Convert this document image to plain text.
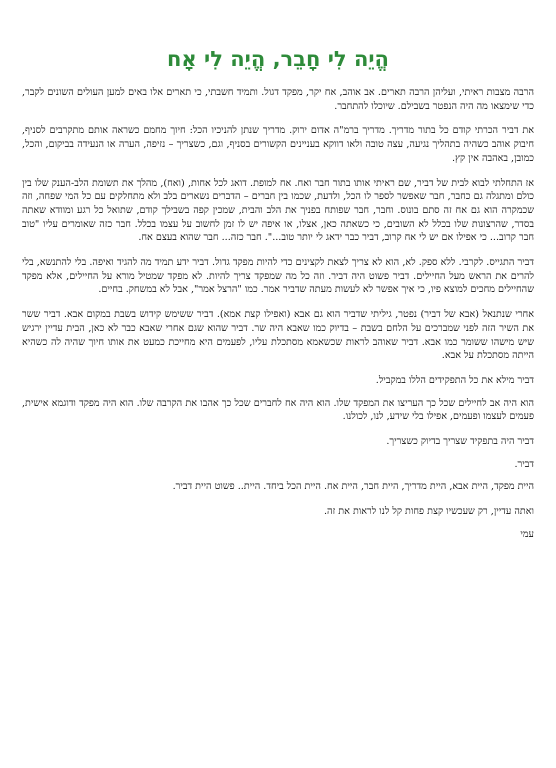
הֱיֵה לִי חָבֵר, הֱיֵה לִי אָח

הרבה מצבות ראיתי, ועליהן הרבה תארים. אב אוהב, אח יקר, מפקד דגול. ותמיד חשבתי, כי תארים אלו באים למען העולים השונים לקבר, כדי שימצאו מה היה הנפטר בשבילם. שיוכלו להתחבר.

את דביר הכרתי קודם כל בתור מדריך. מדריך ברמ"ה אדום ירוק. מדריך שנתן להניכיו הכל: חיוך מחמם כשראה אותם מתקרבים לסניף, חיבוק אוהב כשהיה בתהליך נגיעה, עצה טובה ולאו דווקא בעניינים הקשורים בסניף, וגם, כשצריך – נזיפה, הערה או הנעידה בביקום, והכל, כמובן, באהבה אין קץ.

אז התחלתי לבוא לבית של דביר, שם ראיתי אותו בתור חבר ואח. אח למופת. דואג לכל אחות, (ואח), מהלך את תשומת הלב-הענק שלו בין כולם ומתגלה גם כחבר, חבר שאפשר לספר לו הכל, ולדעת, שכמו בין חברים – הדברים נשארים בלב ולא מתחלקים עם כל המי שפחה, וזה שכמקרה הוא גם אח זה סתם בונוס. וחבר, חבר שפותח בפניך את הלב והבית, שמכין קפה בשבילך קודם, שתואל כל רגע ומוודא שאתה בסדר, שהרצונות שלו בכלל לא השובים, כי כשאתה כאן, אצלו, או איפה יש לו זמן לחשוב על עצמו בכלל. חבר כזה שאומרים עליו "טוב חבר קרוב... כי אפילו אם יש לי אח קרוב, דביר כבר ידאג לי יותר טוב...". חבר כזה... חבר שהוא בעצם אח.

דביר התגייס. לקרבי. ללא ספק. לא, הוא לא צריך לצאת לקצינים כדי להיות מפקד גדול. דביר ידע תמיד מה להגיד ואיפה. בלי להתנשא, בלי להרים את הראש מעל החיילים. דביר פשוט היה דביר. וזה כל מה שמפקד צריך להיות. לא מפקד שמטיל מורא על החיילים, אלא מפקד שהחיילים מחכים למוצא פיו, כי איך אפשר לא לעשות מעתה שדביר אמר. כמו "הרצל אמר", אבל לא במשחק. בחיים.

אחרי שנתנאל (אבא של דביר) נפטר, גיליתי שדביר הוא גם אבא (ואפילו קצת אמא). דביר ששימש קידוש בשבת במקום אבא. דביר ששר את השיר הזה לפני שמברכים על הלחם בשבת – בדיוק כמו שאבא היה שר. דביר שהוא שגם אחרי שאבא כבר לא כאן, הבית עדיין ירגיש שיש מישהו ששומר כמו אבא. דביר שאוהב לראות שכשאמא מסתכלת עליו, לפעמים היא מחייכת כמעט את אותו חיוך שהיה לה כשהיא הייתה מסתכלת על אבא.

דביר מילא את כל התפקידים הללו במקביל.

הוא היה אב לחיילים שכל כך העריצו את המפקד שלו. הוא היה אח לחברים שכל כך אהבו את הקרבה שלו. הוא היה מפקד ודוגמא אישית, פעמים לעצמו ופעמים, אפילו בלי שידע, לנו, לכולנו.

דביר היה בתפקיד שצריך בדיוק כשצריך.

דביר.

היית מפקד, היית אבא, היית מדריך, היית חבר, היית אח. היית הכל ביחד. היית.. פשוט היית דביר.

ואתה עדיין, רק שעכשיו קצת פחות קל לנו לראות את זה.

עמי
